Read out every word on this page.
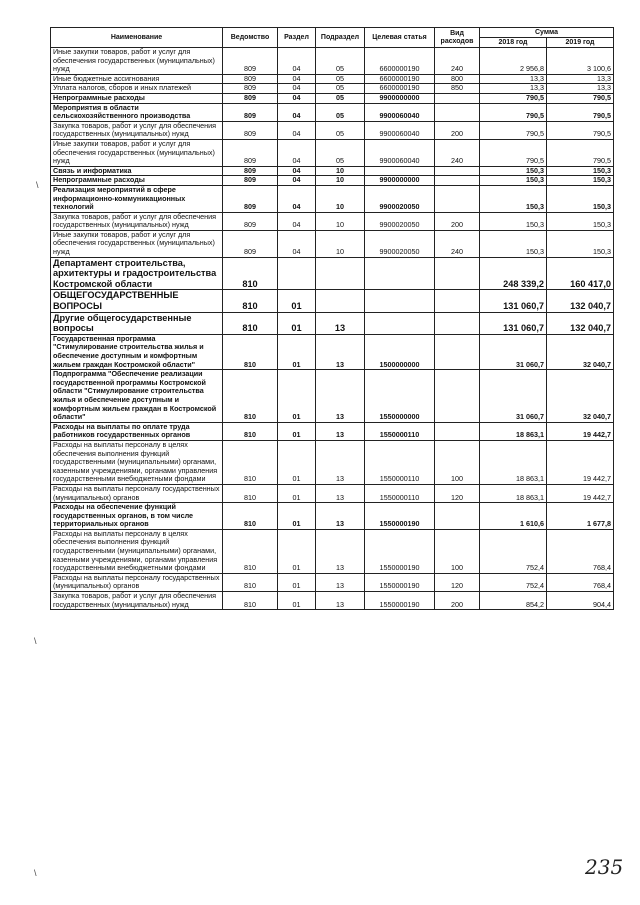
Наименование	Ведомство	Раздел	Подраздел	Целевая статья	Вид расходов	Сумма	
						2018 год	2019 год
Иные закупки товаров, работ и услуг для обеспечения государственных (муниципальных) нужд	809	04	05	6600000190	240	2 956,8	3 100,6
Иные бюджетные ассигнования	809	04	05	6600000190	800	13,3	13,3
Уплата налогов, сборов и иных платежей	809	04	05	6600000190	850	13,3	13,3
Непрограммные расходы	809	04	05	9900000000		790,5	790,5
Мероприятия в области сельскохозяйственного производства	809	04	05	9900060040		790,5	790,5
Закупка товаров, работ и услуг для обеспечения государственных (муниципальных) нужд	809	04	05	9900060040	200	790,5	790,5
Иные закупки товаров, работ и услуг для обеспечения государственных (муниципальных) нужд	809	04	05	9900060040	240	790,5	790,5
Связь и информатика	809	04	10			150,3	150,3
Непрограммные расходы	809	04	10	9900000000		150,3	150,3
Реализация мероприятий в сфере информационно-коммуникационных технологий	809	04	10	9900020050		150,3	150,3
Закупка товаров, работ и услуг для обеспечения государственных (муниципальных) нужд	809	04	10	9900020050	200	150,3	150,3
Иные закупки товаров, работ и услуг для обеспечения государственных (муниципальных) нужд	809	04	10	9900020050	240	150,3	150,3
Департамент строительства, архитектуры и градостроительства Костромской области	810					248 339,2	160 417,0
ОБЩЕГОСУДАРСТВЕННЫЕ ВОПРОСЫ	810	01				131 060,7	132 040,7
Другие общегосударственные вопросы	810	01	13			131 060,7	132 040,7
Государственная программа "Стимулирование строительства жилья и обеспечение доступным и комфортным жильем граждан Костромской области"	810	01	13	1500000000		31 060,7	32 040,7
Подпрограмма "Обеспечение реализации государственной программы Костромской области "Стимулирование строительства жилья и обеспечение доступным и комфортным жильем граждан в Костромской области"	810	01	13	1550000000		31 060,7	32 040,7
Расходы на выплаты по оплате труда работников государственных органов	810	01	13	1550000110		18 863,1	19 442,7
Расходы на выплаты персоналу в целях обеспечения выполнения функций государственными (муниципальными) органами, казенными учреждениями, органами управления государственными внебюджетными фондами	810	01	13	1550000110	100	18 863,1	19 442,7
Расходы на выплаты персоналу государственных (муниципальных) органов	810	01	13	1550000110	120	18 863,1	19 442,7
Расходы на обеспечение функций государственных органов, в том числе территориальных органов	810	01	13	1550000190		1 610,6	1 677,8
Расходы на выплаты персоналу в целях обеспечения выполнения функций государственными (муниципальными) органами, казенными учреждениями, органами управления государственными внебюджетными фондами	810	01	13	1550000190	100	752,4	768,4
Расходы на выплаты персоналу государственных (муниципальных) органов	810	01	13	1550000190	120	752,4	768,4
Закупка товаров, работ и услуг для обеспечения государственных (муниципальных) нужд	810	01	13	1550000190	200	854,2	904,4
235
\
\
\
